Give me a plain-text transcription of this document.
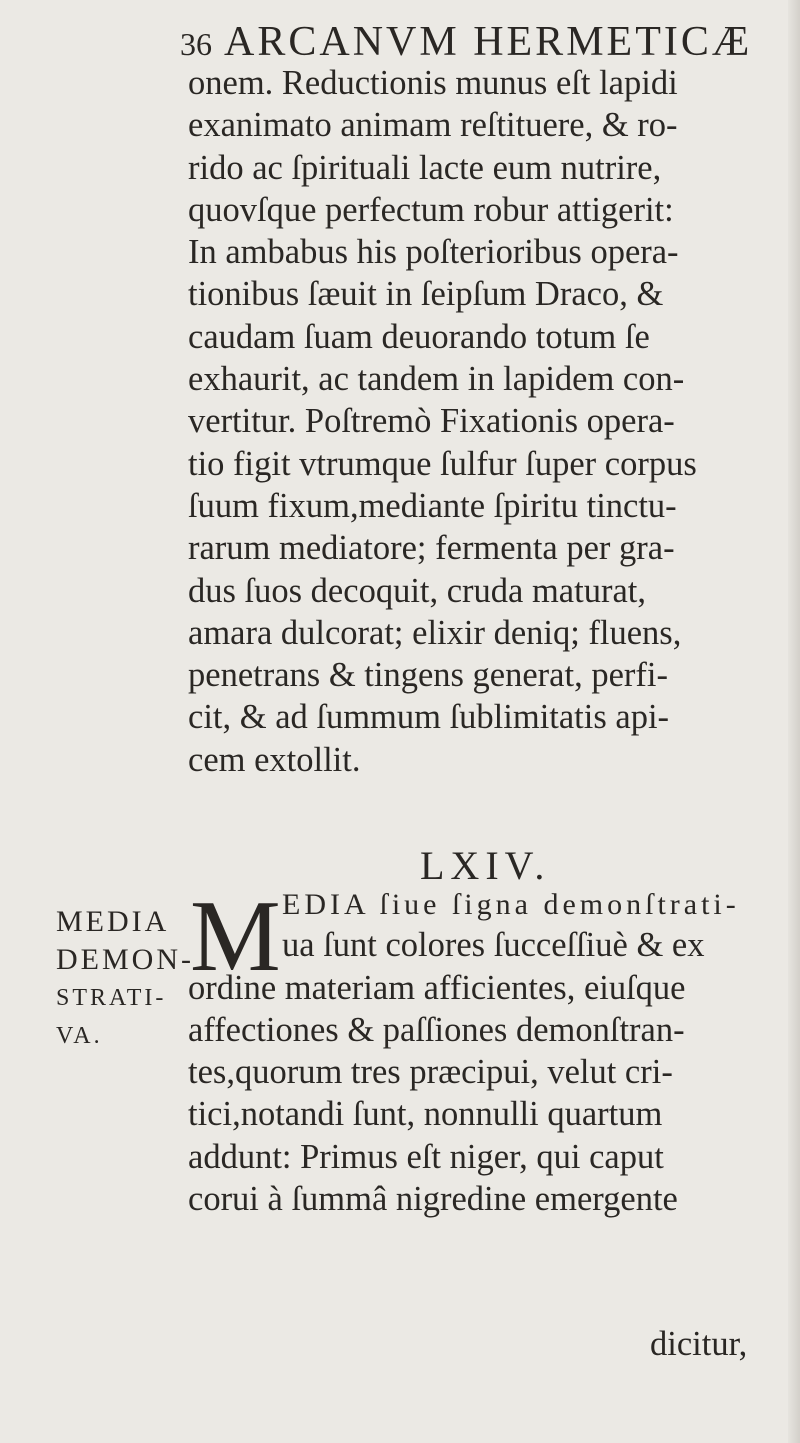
36 ARCANVM HERMETICÆ
onem. Reductionis munus eſt lapidi
exanimato animam reſtituere, & ro-
rido ac ſpirituali lacte eum nutrire,
quovſque perfectum robur attigerit:
In ambabus his poſterioribus opera-
tionibus ſæuit in ſeipſum Draco, &
caudam ſuam deuorando totum ſe
exhaurit, ac tandem in lapidem con-
vertitur. Poſtremò Fixationis opera-
tio figit vtrumque ſulfur ſuper corpus
ſuum fixum,mediante ſpiritu tinctu-
rarum mediatore; fermenta per gra-
dus ſuos decoquit, cruda maturat,
amara dulcorat; elixir deniq; fluens,
penetrans & tingens generat, perfi-
cit, & ad ſummum ſublimitatis api-
cem extollit.
LXIV.
MEDIA
DEMON-
STRATI-
VA.
M EDIA ſiue ſigna demonſtrati-
ua ſunt colores ſucceſſiuè & ex
ordine materiam afficientes, eiuſque
affectiones & paſſiones demonſtran-
tes,quorum tres præcipui, velut cri-
tici,notandi ſunt, nonnulli quartum
addunt: Primus eſt niger, qui caput
corui à ſummâ nigredine emergente
dicitur,
